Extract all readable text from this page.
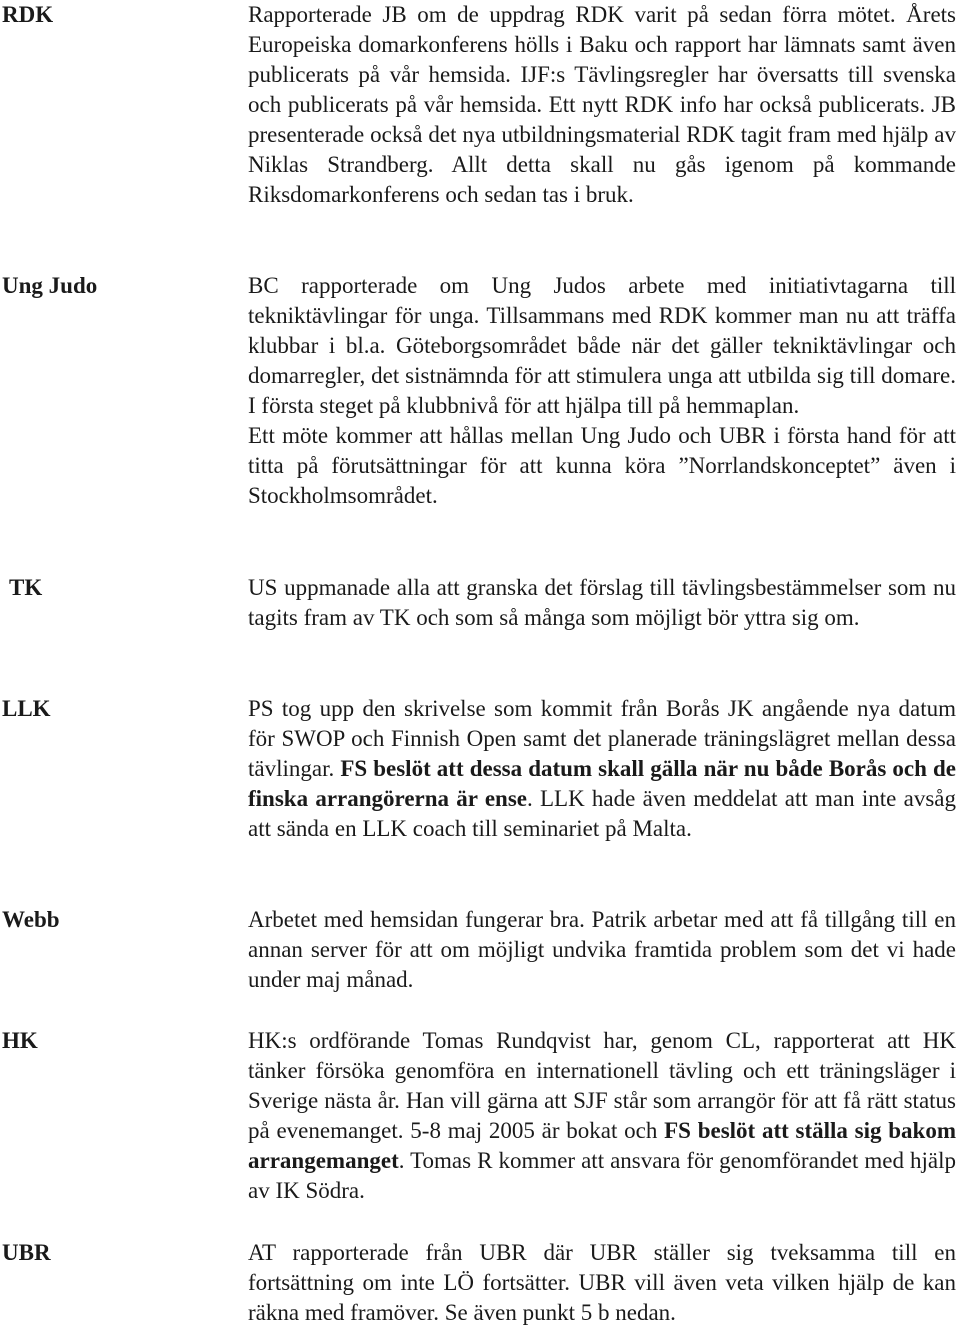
RDK	Rapporterade JB om de uppdrag RDK varit på sedan förra mötet. Årets Europeiska domarkonferens hölls i Baku och rapport har lämnats samt även publicerats på vår hemsida. IJF:s Tävlingsregler har översatts till svenska och publicerats på vår hemsida. Ett nytt RDK info har också publicerats. JB presenterade också det nya utbildningsmaterial RDK tagit fram med hjälp av Niklas Strandberg. Allt detta skall nu gås igenom på kommande Riksdomarkonferens och sedan tas i bruk.

Ung Judo	BC rapporterade om Ung Judos arbete med initiativtagarna till tekniktävlingar för unga. Tillsammans med RDK kommer man nu att träffa klubbar i bl.a. Göteborgsområdet både när det gäller tekniktävlingar och domarregler, det sistnämnda för att stimulera unga att utbilda sig till domare. I första steget på klubbnivå för att hjälpa till på hemmaplan.

Ett möte kommer att hållas mellan Ung Judo och UBR i första hand för att titta på förutsättningar för att kunna köra ”Norrlandskonceptet” även i Stockholmsområdet.

TK	US uppmanade alla att granska det förslag till tävlingsbestämmelser som nu tagits fram av TK och som så många som möjligt bör yttra sig om.

LLK	PS tog upp den skrivelse som kommit från Borås JK angående nya datum för SWOP och Finnish Open samt det planerade träningslägret mellan dessa tävlingar. FS beslöt att dessa datum skall gälla när nu både Borås och de finska arrangörerna är ense. LLK hade även meddelat att man inte avsåg att sända en LLK coach till seminariet på Malta.

Webb	Arbetet med hemsidan fungerar bra. Patrik arbetar med att få tillgång till en annan server för att om möjligt undvika framtida problem som det vi hade under maj månad.

HK	HK:s ordförande Tomas Rundqvist har, genom CL, rapporterat att HK tänker försöka genomföra en internationell tävling och ett träningsläger i Sverige nästa år. Han vill gärna att SJF står som arrangör för att få rätt status på evenemanget. 5-8 maj 2005 är bokat och FS beslöt att ställa sig bakom arrangemanget. Tomas R kommer att ansvara för genomförandet med hjälp av IK Södra.

UBR	AT rapporterade från UBR där UBR ställer sig tveksamma till en fortsättning om inte LÖ fortsätter. UBR vill även veta vilken hjälp de kan räkna med framöver. Se även punkt 5 b nedan.
